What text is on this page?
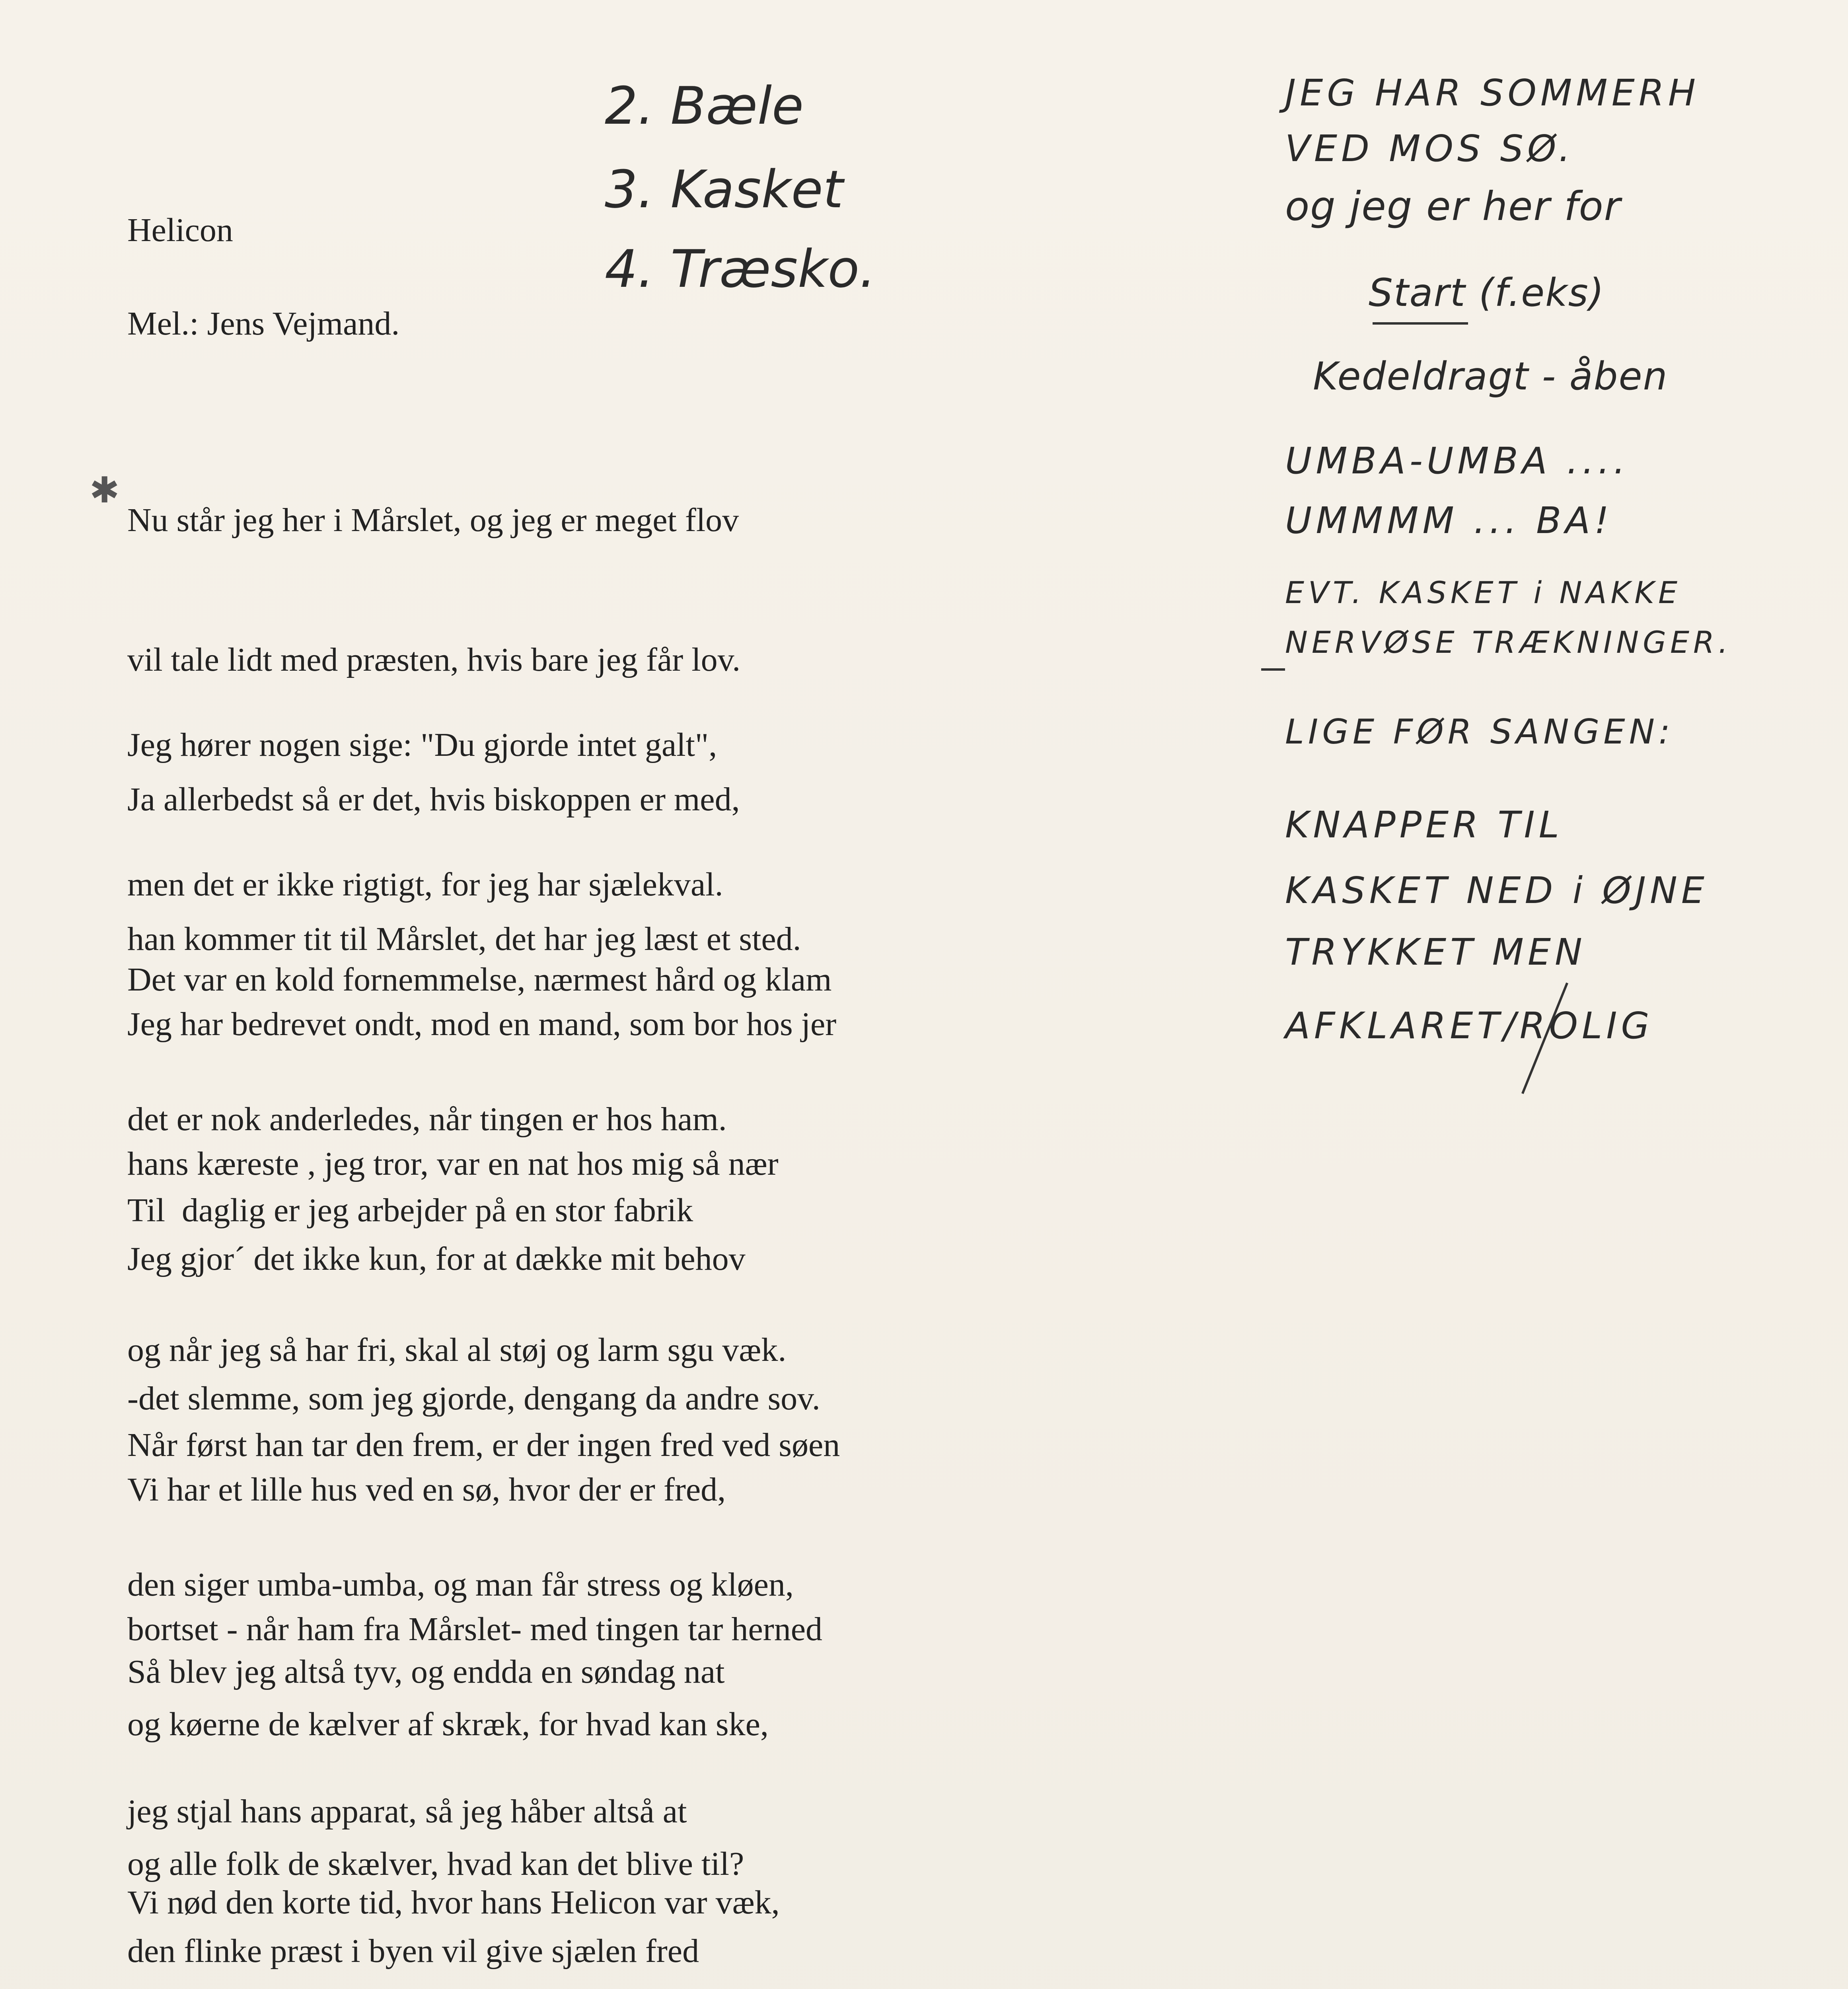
2. Bæle
3. Kasket
4. Træsko.
Helicon
Mel.: Jens Vejmand.
✱

Nu står jeg her i Mårslet, og jeg er meget flov

vil tale lidt med præsten, hvis bare jeg får lov.

Ja allerbedst så er det, hvis biskoppen er med,

han kommer tit til Mårslet, det har jeg læst et sted.

Jeg hører nogen sige: "Du gjorde intet galt",

men det er ikke rigtigt, for jeg har sjælekval.

Jeg har bedrevet ondt, mod en mand, som bor hos jer

hans kæreste , jeg tror, var en nat hos mig så nær

Det var en kold fornemmelse, nærmest hård og klam

det er nok anderledes, når tingen er hos ham.

Jeg gjor´ det ikke kun, for at dække mit behov

-det slemme, som jeg gjorde, dengang da andre sov.

Til  daglig er jeg arbejder på en stor fabrik

og når jeg så har fri, skal al støj og larm sgu væk.

Vi har et lille hus ved en sø, hvor der er fred,

bortset - når ham fra Mårslet- med tingen tar herned

Når først han tar den frem, er der ingen fred ved søen

den siger umba-umba, og man får stress og kløen,

og køerne de kælver af skræk, for hvad kan ske,

og alle folk de skælver, hvad kan det blive til?

Så blev jeg altså tyv, og endda en søndag nat

jeg stjal hans apparat, så jeg håber altså at

den flinke præst i byen vil give sjælen fred

Vi nød den korte tid, hvor hans Helicon var væk,

JEG HAR SOMMERH
VED MOS SØ.
og jeg er her for
Start (f.eks)
Kedeldragt - åben
UMBA-UMBA ....
UMMMM ... BA!
EVT. KASKET i NAKKE
NERVØSE TRÆKNINGER.
LIGE FØR SANGEN:
KNAPPER TIL
KASKET NED i ØJNE
TRYKKET MEN
AFKLARET/ROLIG
